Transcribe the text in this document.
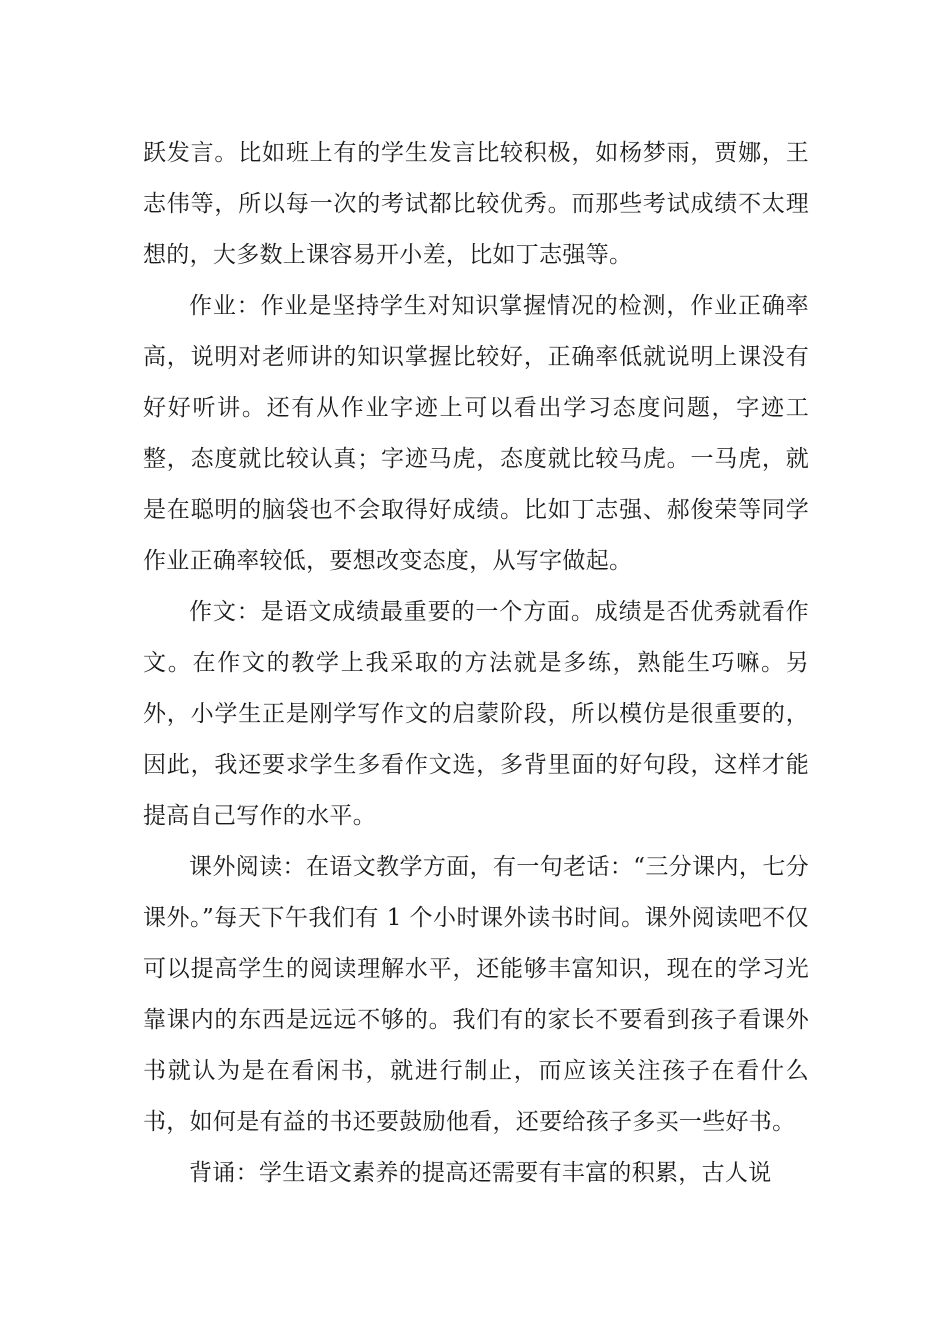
跃发言。比如班上有的学生发言比较积极，如杨梦雨，贾娜，王志伟等，所以每一次的考试都比较优秀。而那些考试成绩不太理想的，大多数上课容易开小差，比如丁志强等。

作业：作业是坚持学生对知识掌握情况的检测，作业正确率高，说明对老师讲的知识掌握比较好，正确率低就说明上课没有好好听讲。还有从作业字迹上可以看出学习态度问题，字迹工整，态度就比较认真；字迹马虎，态度就比较马虎。一马虎，就是在聪明的脑袋也不会取得好成绩。比如丁志强、郝俊荣等同学作业正确率较低，要想改变态度，从写字做起。

作文：是语文成绩最重要的一个方面。成绩是否优秀就看作文。在作文的教学上我采取的方法就是多练，熟能生巧嘛。另外，小学生正是刚学写作文的启蒙阶段，所以模仿是很重要的，因此，我还要求学生多看作文选，多背里面的好句段，这样才能提高自己写作的水平。

课外阅读：在语文教学方面，有一句老话：“三分课内，七分课外。”每天下午我们有 1 个小时课外读书时间。课外阅读吧不仅可以提高学生的阅读理解水平，还能够丰富知识，现在的学习光靠课内的东西是远远不够的。我们有的家长不要看到孩子看课外书就认为是在看闲书，就进行制止，而应该关注孩子在看什么书，如何是有益的书还要鼓励他看，还要给孩子多买一些好书。

背诵：学生语文素养的提高还需要有丰富的积累，古人说
